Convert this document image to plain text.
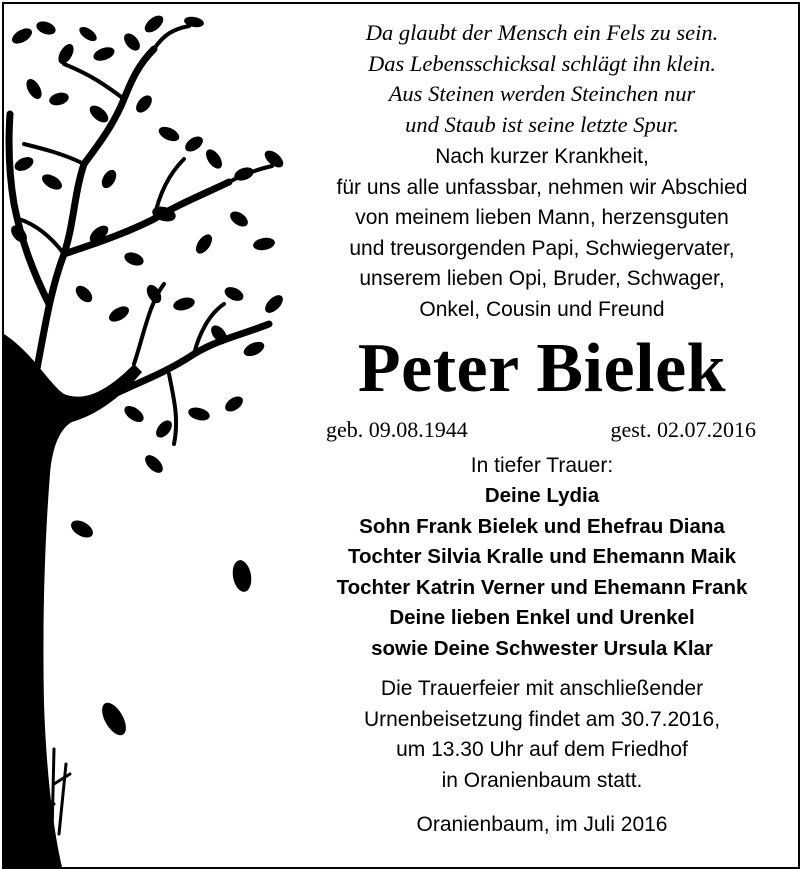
Da glaubt der Mensch ein Fels zu sein.
Das Lebensschicksal schlägt ihn klein.
Aus Steinen werden Steinchen nur
und Staub ist seine letzte Spur.
Nach kurzer Krankheit,
für uns alle unfassbar, nehmen wir Abschied
von meinem lieben Mann, herzensguten
und treusorgenden Papi, Schwiegervater,
unserem lieben Opi, Bruder, Schwager,
Onkel, Cousin und Freund
Peter Bielek
geb. 09.08.1944	gest. 02.07.2016
In tiefer Trauer:
Deine Lydia
Sohn Frank Bielek und Ehefrau Diana
Tochter Silvia Kralle und Ehemann Maik
Tochter Katrin Verner und Ehemann Frank
Deine lieben Enkel und Urenkel
sowie Deine Schwester Ursula Klar
Die Trauerfeier mit anschließender
Urnenbeisetzung findet am 30.7.2016,
um 13.30 Uhr auf dem Friedhof
in Oranienbaum statt.
Oranienbaum, im Juli 2016
